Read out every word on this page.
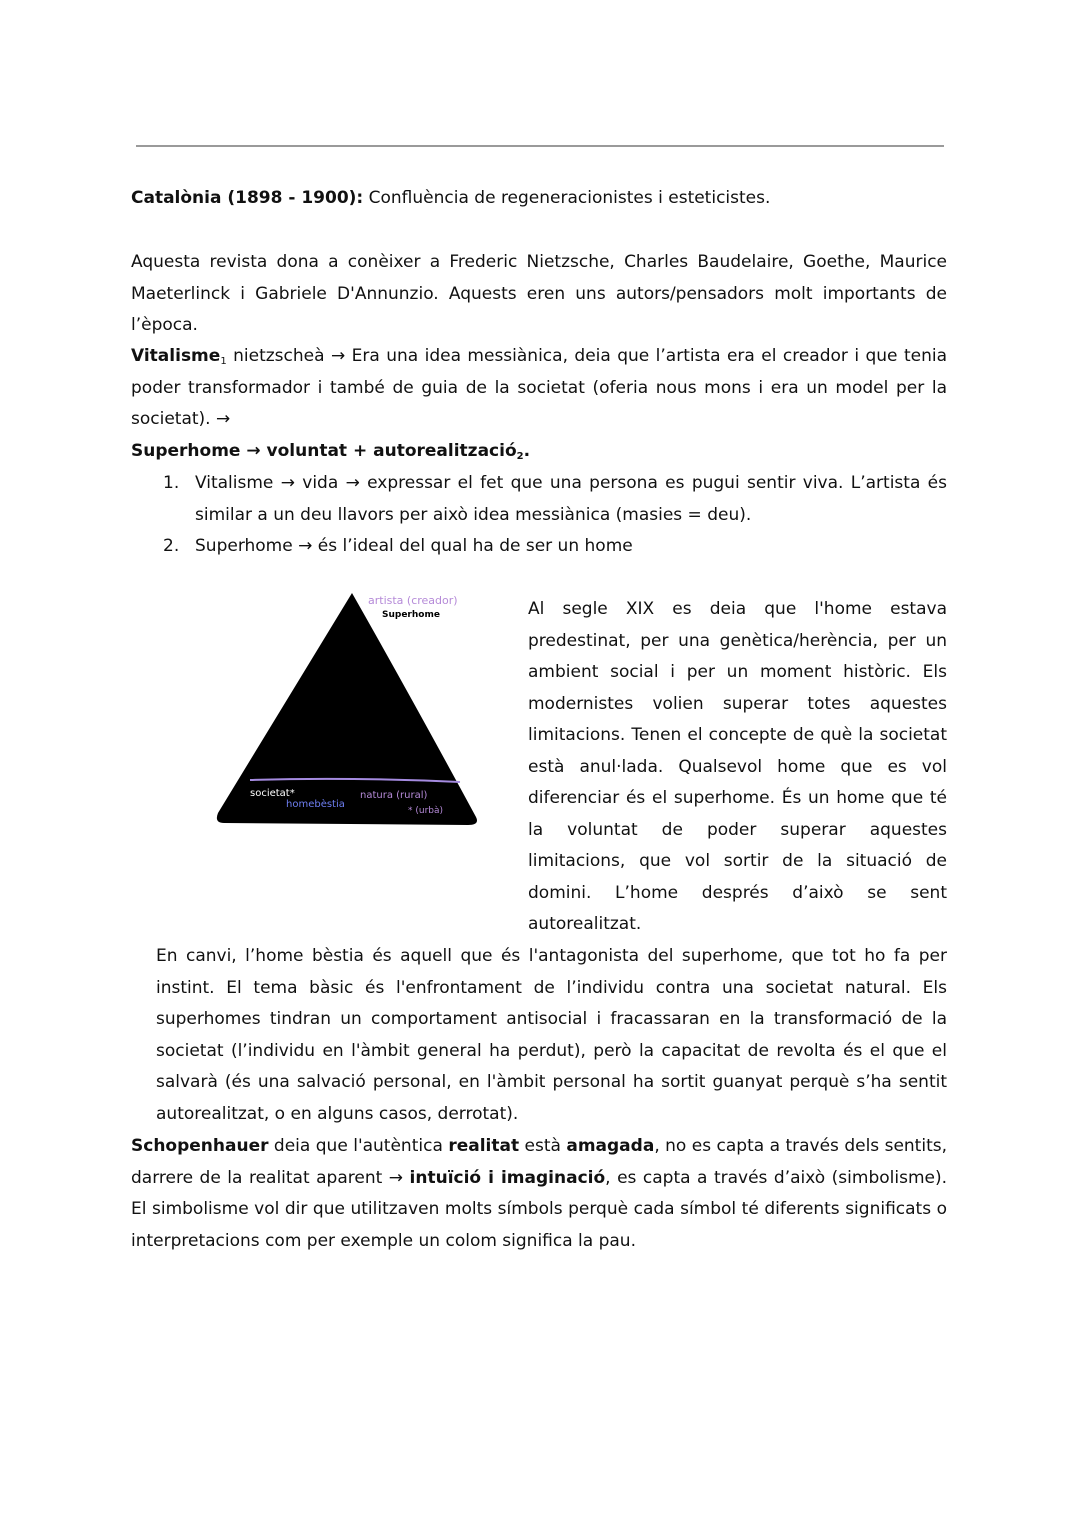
Catalònia (1898 - 1900): Confluència de regeneracionistes i esteticistes.
Aquesta revista dona a conèixer a Frederic Nietzsche, Charles Baudelaire, Goethe, Maurice Maeterlinck i Gabriele D'Annunzio. Aquests eren uns autors/pensadors molt importants de l’època.
Vitalisme$_1$ nietzscheà → Era una idea messiànica, deia que l’artista era el creador i que tenia poder transformador i també de guia de la societat (oferia nous mons i era un model per la societat). →
Superhome → voluntat + autorealització$_2$.
1. Vitalisme → vida → expressar el fet que una persona es pugui sentir viva. L’artista és similar a un deu llavors per això idea messiànica (masies = deu).
2. Superhome → és l’ideal del qual ha de ser un home
artista (creador)
Superhome
societat*
homebèstia
natura (rural)
* (urbà)
Al segle XIX es deia que l'home estava predestinat, per una genètica/herència, per un ambient social i per un moment històric. Els modernistes volien superar totes aquestes limitacions. Tenen el concepte de què la societat està anul·lada. Qualsevol home que es vol diferenciar és el superhome. És un home que té la voluntat de poder superar aquestes limitacions, que vol sortir de la situació de domini. L’home després d’això se sent autorealitzat.
En canvi, l’home bèstia és aquell que és l'antagonista del superhome, que tot ho fa per instint. El tema bàsic és l'enfrontament de l’individu contra una societat natural. Els superhomes tindran un comportament antisocial i fracassaran en la transformació de la societat (l’individu en l'àmbit general ha perdut), però la capacitat de revolta és el que el salvarà (és una salvació personal, en l'àmbit personal ha sortit guanyat perquè s’ha sentit autorealitzat, o en alguns casos, derrotat).
Schopenhauer deia que l'autèntica realitat està amagada, no es capta a través dels sentits, darrere de la realitat aparent → intuïció i imaginació, es capta a través d’això (simbolisme). El simbolisme vol dir que utilitzaven molts símbols perquè cada símbol té diferents significats o interpretacions com per exemple un colom significa la pau.
